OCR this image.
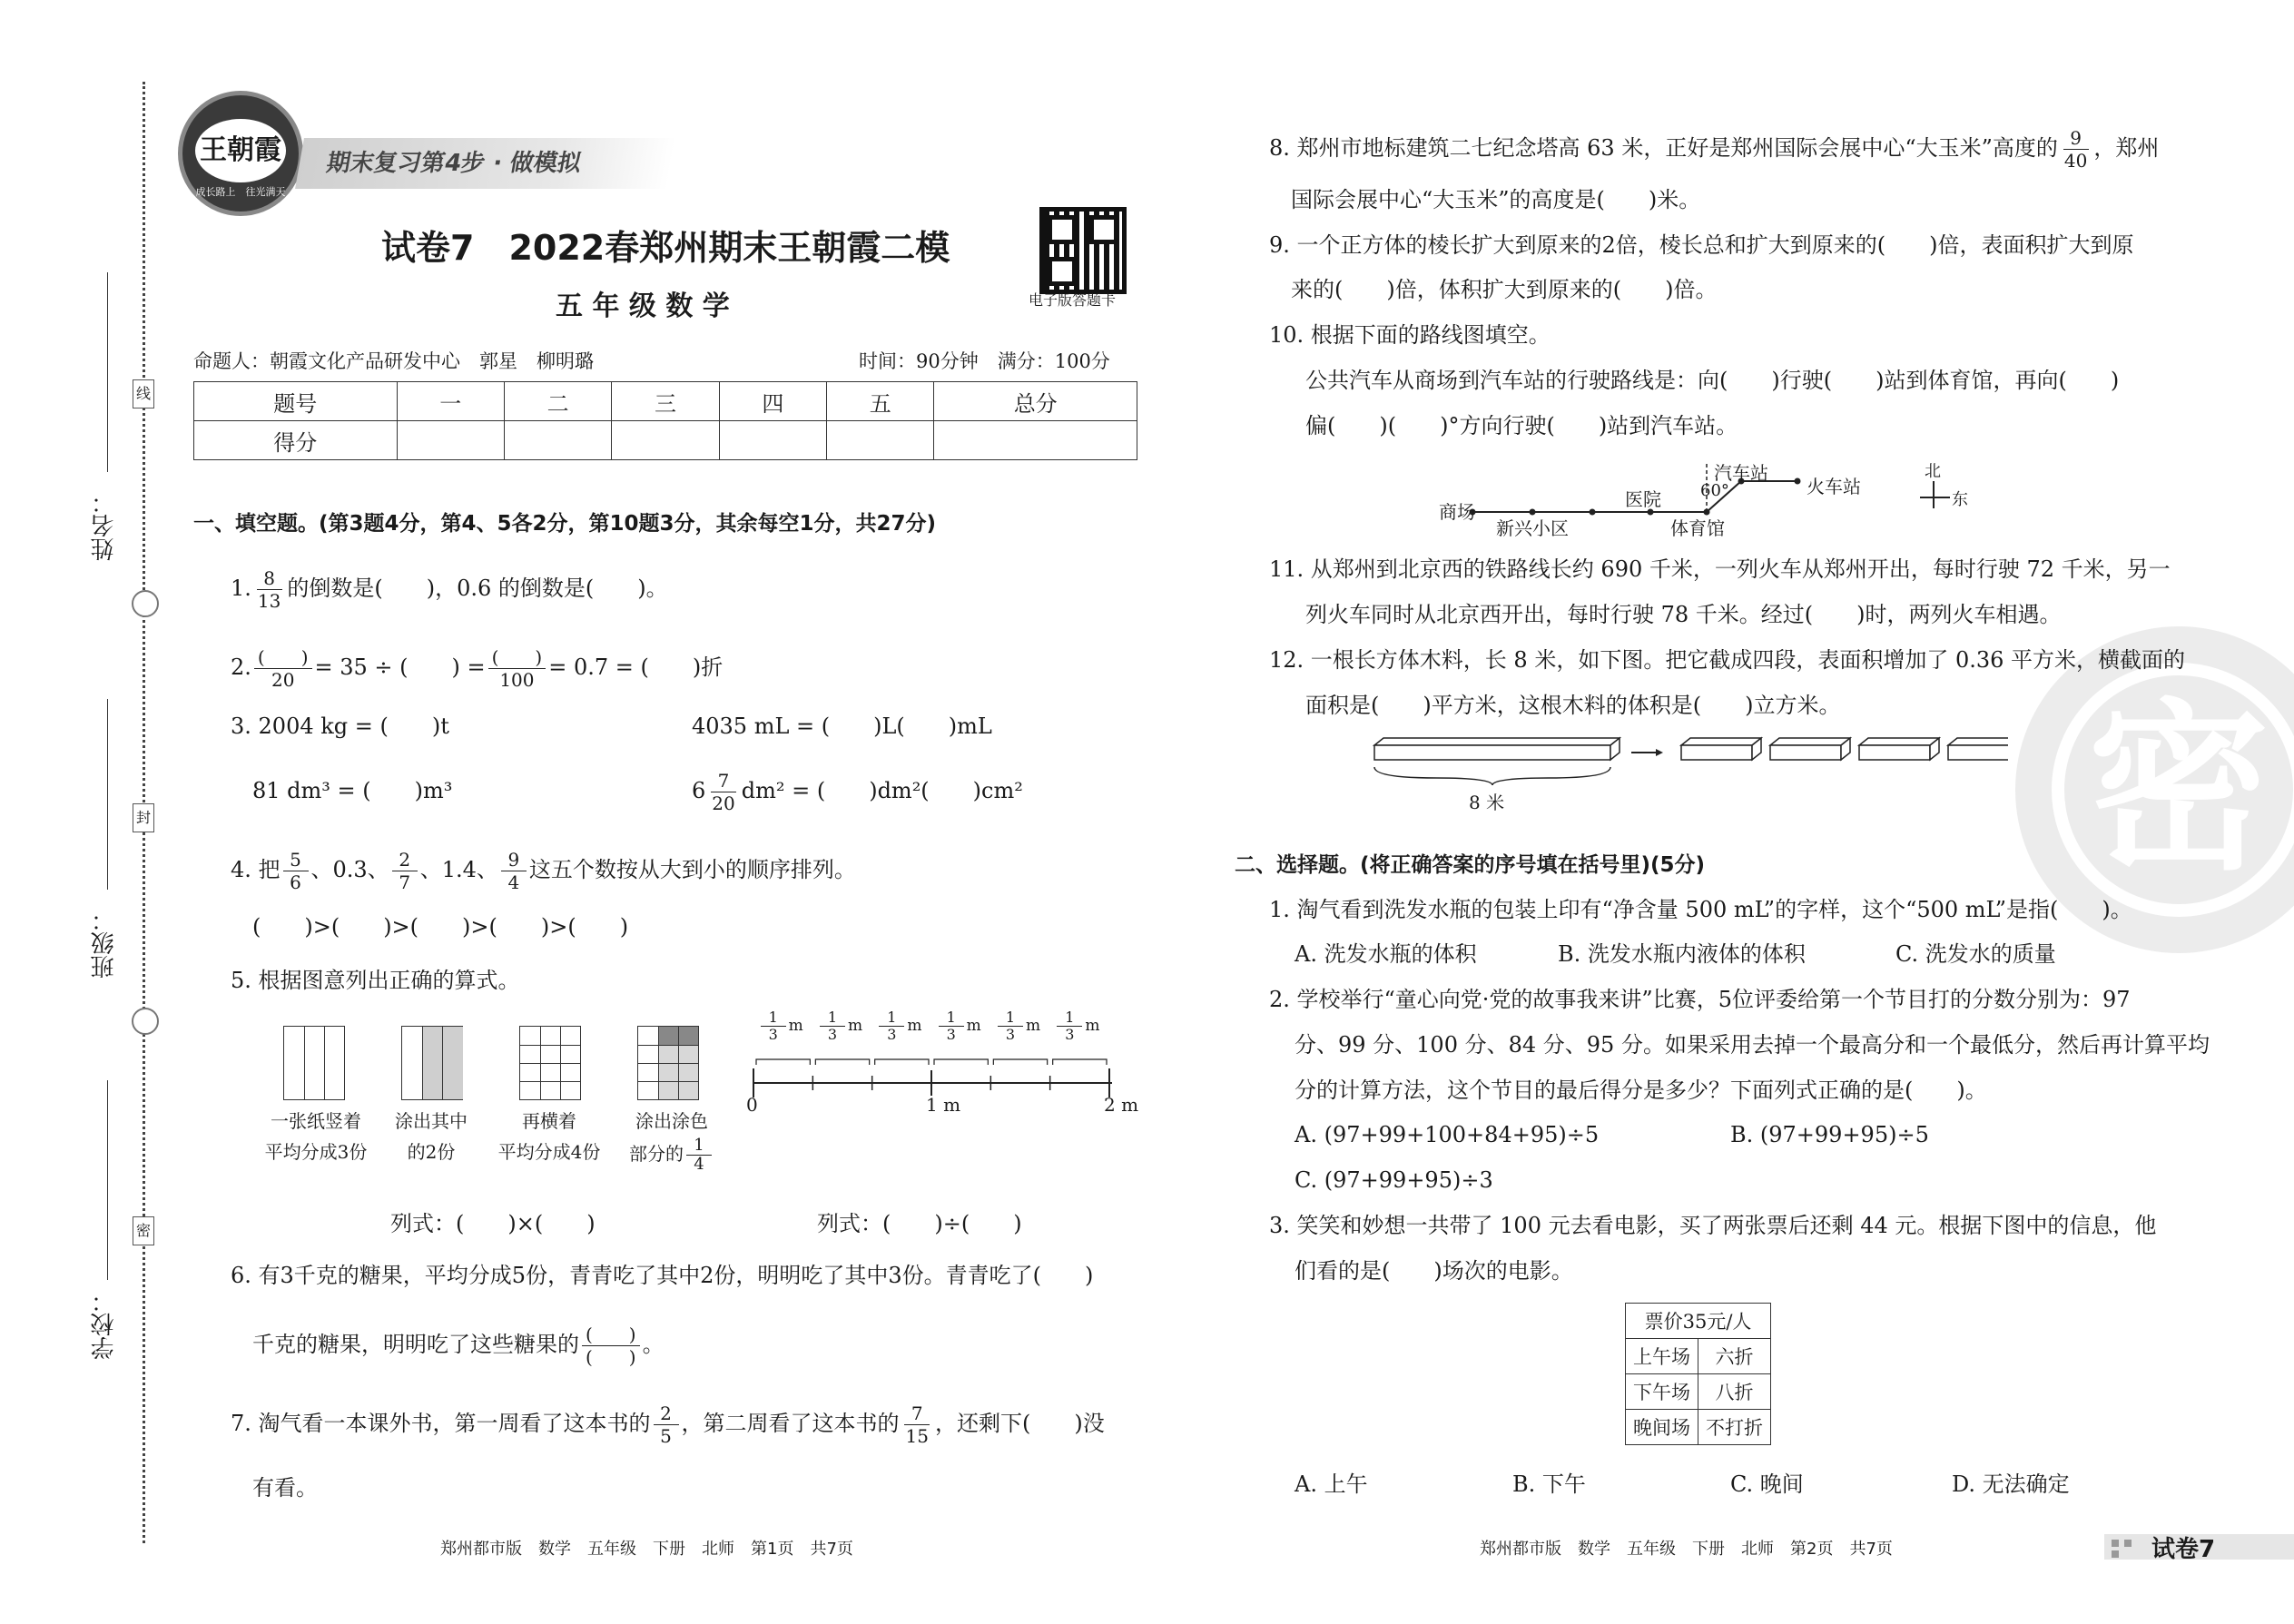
线
封
密
姓名：
班级：
学校：
王朝霞
成长路上　 往光满天
期末复习第4步 · 做模拟
试卷7　2022春郑州期末王朝霞二模
五 年 级 数 学	电子版答题卡
命题人：朝霞文化产品研发中心　郭星　柳明璐	时间：90分钟　满分：100分
题号	一	二	三	四	五	总分
得分						
一、填空题。(第3题4分，第4、5各2分，第10题3分，其余每空1分，共27分)
1. $\frac{8}{13}$ 的倒数是(　　)，0.6 的倒数是(　　)。
2. $\frac{( )}{20} = 35$ ÷ (　　) = $\frac{( )}{100} = 0.7$ = (　　)折
3. 2004 kg = (　　)t	4035 mL = (　　)L(　　)mL
81 dm³ = (　　)m³	$6 \frac{7}{20} dm^2$ = (　　)dm²(　　)cm²
4. 把 $\frac{5}{6}$ 、0.3、 $\frac{2}{7}$ 、1.4、 $\frac{9}{4}$ 这五个数按从大到小的顺序排列。
(　　)>(　　)>(　　)>(　　)>(　　)
5. 根据图意列出正确的算式。
一张纸竖着
平均分成3份
涂出其中
的2份
再横着
平均分成4份
涂出涂色
部分的 $\frac{1}{4}$
0	1 m	2 m
列式：(　　)×(　　)	列式：(　　)÷(　　)
6. 有3千克的糖果，平均分成5份，青青吃了其中2份，明明吃了其中3份。青青吃了(　　)
千克的糖果，明明吃了这些糖果的 $\frac{( )}{( )}$ 。
7. 淘气看一本课外书，第一周看了这本书的 $\frac{2}{5}$ ，第二周看了这本书的 $\frac{7}{15}$ ，还剩下(　　)没
有看。
密
8. 郑州市地标建筑二七纪念塔高 63 米，正好是郑州国际会展中心“大玉米”高度的 $\frac{9}{40}$ ，郑州
国际会展中心“大玉米”的高度是(　　)米。
9. 一个正方体的棱长扩大到原来的2倍，棱长总和扩大到原来的(　　)倍，表面积扩大到原
来的(　　)倍，体积扩大到原来的(　　)倍。
10. 根据下面的路线图填空。
公共汽车从商场到汽车站的行驶路线是：向(　　)行驶(　　)站到体育馆，再向(　　)
偏(　　)(　　)°方向行驶(　　)站到汽车站。
商场
新兴小区
医院
体育馆
汽车站
火车站
60°
北
东
11. 从郑州到北京西的铁路线长约 690 千米，一列火车从郑州开出，每时行驶 72 千米，另一
列火车同时从北京西开出，每时行驶 78 千米。经过(　　)时，两列火车相遇。
12. 一根长方体木料，长 8 米，如下图。把它截成四段，表面积增加了 0.36 平方米，横截面的
面积是(　　)平方米，这根木料的体积是(　　)立方米。
8 米
二、选择题。(将正确答案的序号填在括号里)(5分)
1. 淘气看到洗发水瓶的包装上印有“净含量 500 mL”的字样，这个“500 mL”是指(　　)。
A. 洗发水瓶的体积	B. 洗发水瓶内液体的体积	C. 洗发水的质量
2. 学校举行“童心向党·党的故事我来讲”比赛，5位评委给第一个节目打的分数分别为：97
分、99 分、100 分、84 分、95 分。如果采用去掉一个最高分和一个最低分，然后再计算平均
分的计算方法，这个节目的最后得分是多少？下面列式正确的是(　　)。
A. (97+99+100+84+95)÷5	B. (97+99+95)÷5
C. (97+99+95)÷3
3. 笑笑和妙想一共带了 100 元去看电影，买了两张票后还剩 44 元。根据下图中的信息，他
们看的是(　　)场次的电影。
票价35元/人	
上午场	六折
下午场	八折
晚间场	不打折
A. 上午	B. 下午	C. 晚间	D. 无法确定
郑州都市版　数学　五年级　下册　北师　第1页　共7页	郑州都市版　数学　五年级　下册　北师　第2页　共7页	试卷7
$\frac{1}{3}$ m $\frac{1}{3}$ m $\frac{1}{3}$ m $\frac{1}{3}$ m $\frac{1}{3}$ m $\frac{1}{3}$ m
